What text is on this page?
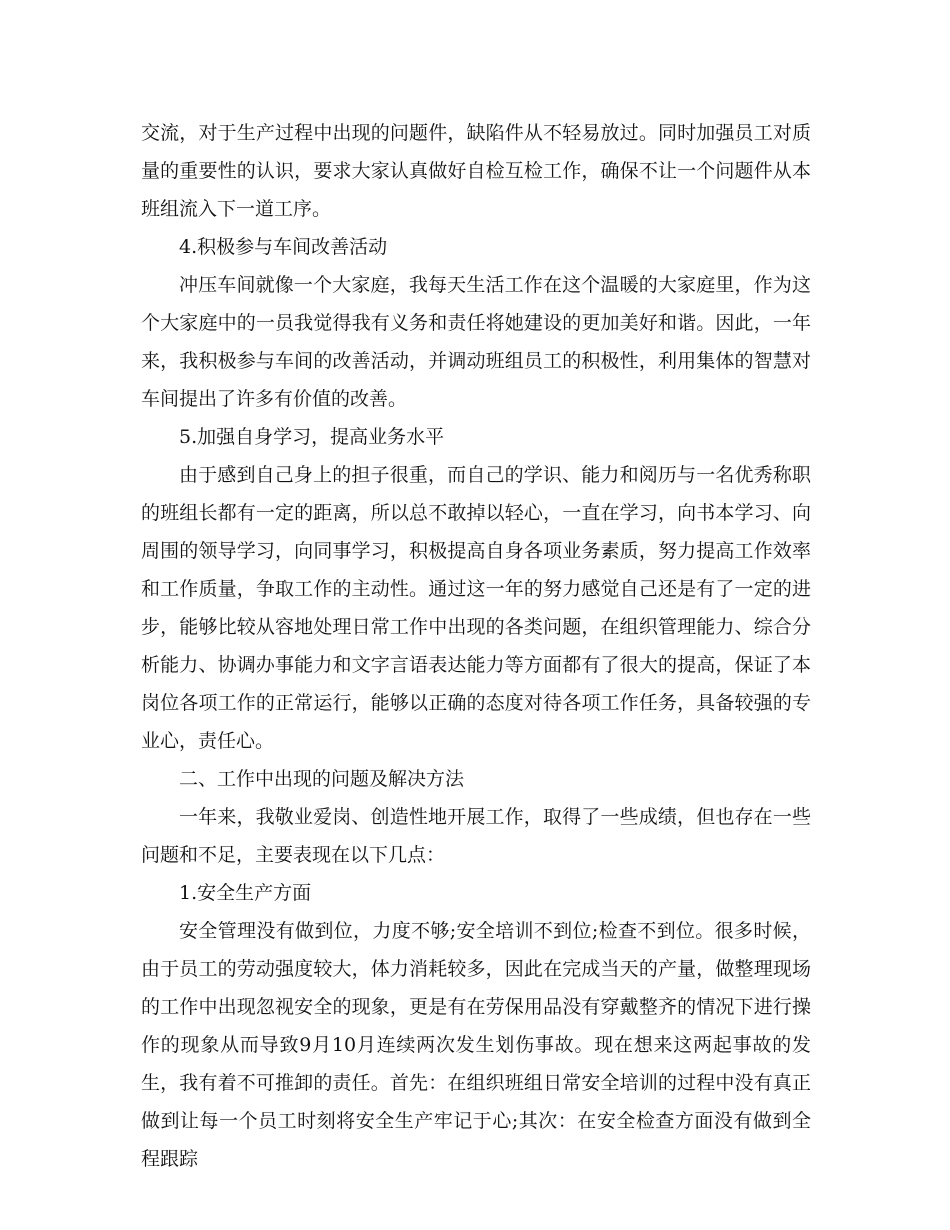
交流，对于生产过程中出现的问题件，缺陷件从不轻易放过。同时加强员工对质量的重要性的认识，要求大家认真做好自检互检工作，确保不让一个问题件从本班组流入下一道工序。

4.积极参与车间改善活动

冲压车间就像一个大家庭，我每天生活工作在这个温暖的大家庭里，作为这个大家庭中的一员我觉得我有义务和责任将她建设的更加美好和谐。因此，一年来，我积极参与车间的改善活动，并调动班组员工的积极性，利用集体的智慧对车间提出了许多有价值的改善。

5.加强自身学习，提高业务水平

由于感到自己身上的担子很重，而自己的学识、能力和阅历与一名优秀称职的班组长都有一定的距离，所以总不敢掉以轻心，一直在学习，向书本学习、向周围的领导学习，向同事学习，积极提高自身各项业务素质，努力提高工作效率和工作质量，争取工作的主动性。通过这一年的努力感觉自己还是有了一定的进步，能够比较从容地处理日常工作中出现的各类问题，在组织管理能力、综合分析能力、协调办事能力和文字言语表达能力等方面都有了很大的提高，保证了本岗位各项工作的正常运行，能够以正确的态度对待各项工作任务，具备较强的专业心，责任心。

二、工作中出现的问题及解决方法

一年来，我敬业爱岗、创造性地开展工作，取得了一些成绩，但也存在一些问题和不足，主要表现在以下几点：

1.安全生产方面

安全管理没有做到位，力度不够;安全培训不到位;检查不到位。很多时候，由于员工的劳动强度较大，体力消耗较多，因此在完成当天的产量，做整理现场的工作中出现忽视安全的现象，更是有在劳保用品没有穿戴整齐的情况下进行操作的现象从而导致9月10月连续两次发生划伤事故。现在想来这两起事故的发生，我有着不可推卸的责任。首先：在组织班组日常安全培训的过程中没有真正做到让每一个员工时刻将安全生产牢记于心;其次：在安全检查方面没有做到全程跟踪
